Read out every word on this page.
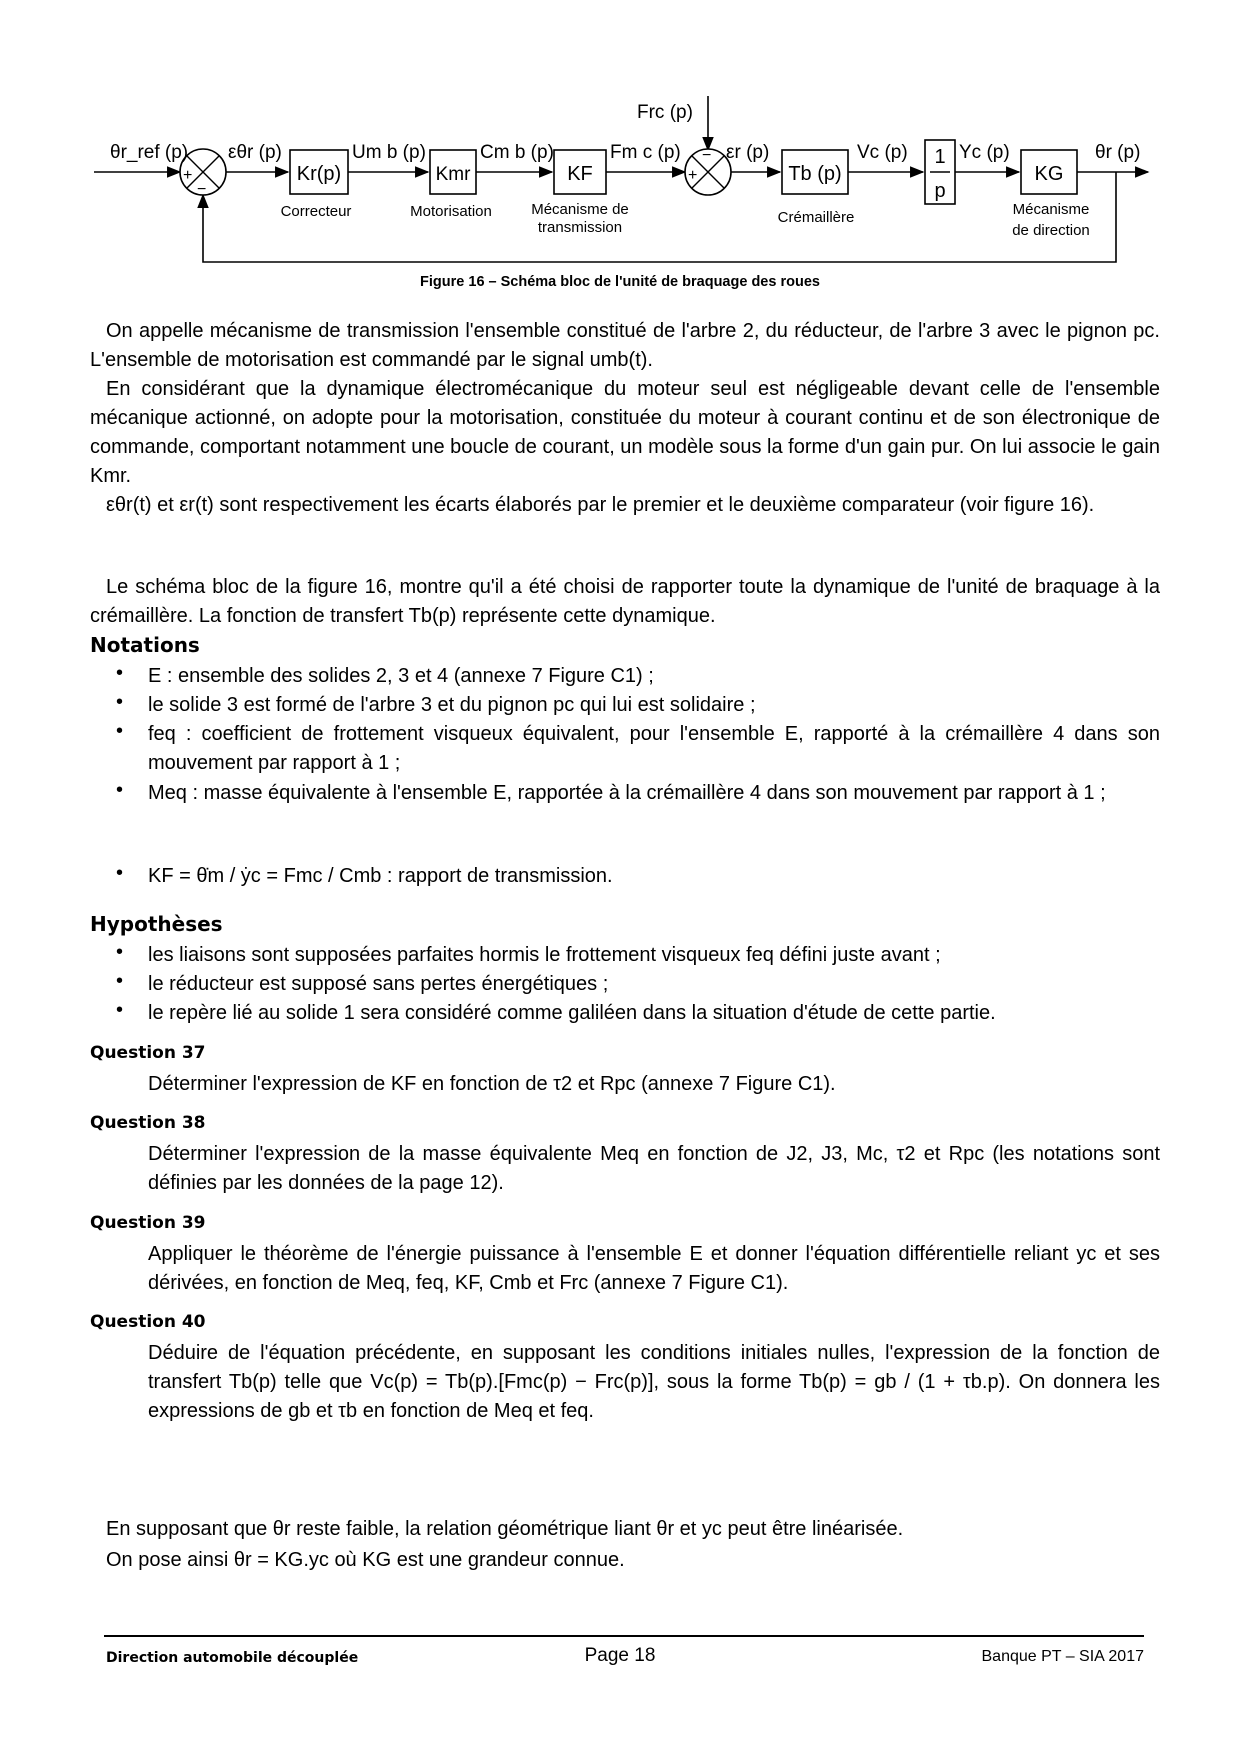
+
−
+
−
Kr(p)	Kmr	KF	Tb (p)
1
p
KG
θr_ref (p) εθr (p)	Um b (p)	Cm b (p)	Fm c (p)
Frc (p)
εr (p)	Vc (p)	Yc (p)	θr (p)
Correcteur	Motorisation	Mécanisme de
transmission
Crémaillère	Mécanisme
de direction
Figure 16 – Schéma bloc de l'unité de braquage des roues
On appelle mécanisme de transmission l'ensemble constitué de l'arbre 2, du réducteur, de l'arbre 3 avec le pignon pc. L'ensemble de motorisation est commandé par le signal umb(t).
En considérant que la dynamique électromécanique du moteur seul est négligeable devant celle de l'ensemble mécanique actionné, on adopte pour la motorisation, constituée du moteur à courant continu et de son électronique de commande, comportant notamment une boucle de courant, un modèle sous la forme d'un gain pur. On lui associe le gain Kmr.
εθr(t) et εr(t) sont respectivement les écarts élaborés par le premier et le deuxième comparateur (voir figure 16).
Le schéma bloc de la figure 16, montre qu'il a été choisi de rapporter toute la dynamique de l'unité de braquage à la crémaillère. La fonction de transfert Tb(p) représente cette dynamique.
Notations
• E : ensemble des solides 2, 3 et 4 (annexe 7 Figure C1) ;
• le solide 3 est formé de l'arbre 3 et du pignon pc qui lui est solidaire ;
• feq : coefficient de frottement visqueux équivalent, pour l'ensemble E, rapporté à la crémaillère 4 dans son mouvement par rapport à 1 ;
• Meq : masse équivalente à l'ensemble E, rapportée à la crémaillère 4 dans son mouvement par rapport à 1 ;
• KF = θ̇m / ẏc = Fmc / Cmb : rapport de transmission.
Hypothèses
• les liaisons sont supposées parfaites hormis le frottement visqueux feq défini juste avant ;
• le réducteur est supposé sans pertes énergétiques ;
• le repère lié au solide 1 sera considéré comme galiléen dans la situation d'étude de cette partie.
Question 37
Déterminer l'expression de KF en fonction de τ2 et Rpc (annexe 7 Figure C1).
Question 38
Déterminer l'expression de la masse équivalente Meq en fonction de J2, J3, Mc, τ2 et Rpc (les notations sont définies par les données de la page 12).
Question 39
Appliquer le théorème de l'énergie puissance à l'ensemble E et donner l'équation différentielle reliant yc et ses dérivées, en fonction de Meq, feq, KF, Cmb et Frc (annexe 7 Figure C1).
Question 40
Déduire de l'équation précédente, en supposant les conditions initiales nulles, l'expression de la fonction de transfert Tb(p) telle que Vc(p) = Tb(p).[Fmc(p) − Frc(p)], sous la forme Tb(p) = gb / (1 + τb.p). On donnera les expressions de gb et τb en fonction de Meq et feq.
En supposant que θr reste faible, la relation géométrique liant θr et yc peut être linéarisée.
On pose ainsi θr = KG.yc où KG est une grandeur connue.
Direction automobile découplée	Page 18	Banque PT – SIA 2017
